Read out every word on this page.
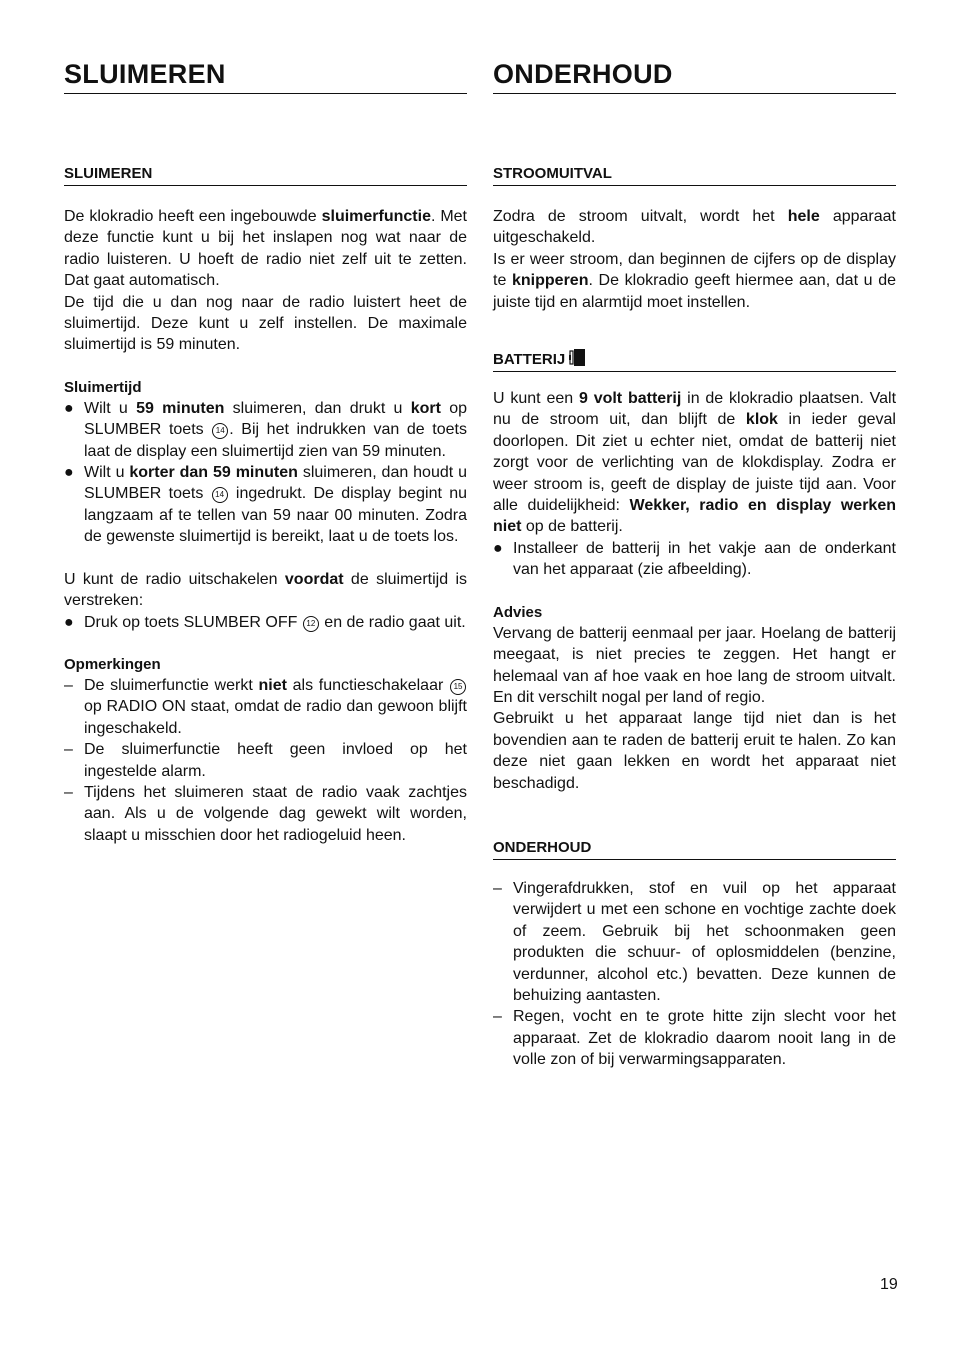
SLUIMEREN
SLUIMEREN

De klokradio heeft een ingebouwde sluimerfunctie. Met deze functie kunt u bij het inslapen nog wat naar de radio luisteren. U hoeft de radio niet zelf uit te zetten. Dat gaat automatisch.

De tijd die u dan nog naar de radio luistert heet de sluimertijd. Deze kunt u zelf instellen. De maximale sluimertijd is 59 minuten.

Sluimertijd

● Wilt u 59 minuten sluimeren, dan drukt u kort op SLUMBER toets 14 . Bij het indrukken van de toets laat de display een sluimertijd zien van 59 minuten.

● Wilt u korter dan 59 minuten sluimeren, dan houdt u SLUMBER toets 14 ingedrukt. De display begint nu langzaam af te tellen van 59 naar 00 minuten. Zodra de gewenste sluimertijd is bereikt, laat u de toets los.

U kunt de radio uitschakelen voordat de sluimertijd is verstreken:

● Druk op toets SLUMBER OFF 12 en de radio gaat uit.

Opmerkingen
– De sluimerfunctie werkt niet als functieschakelaar 15 op RADIO ON staat, omdat de radio dan gewoon blijft ingeschakeld.
– De sluimerfunctie heeft geen invloed op het ingestelde alarm.
– Tijdens het sluimeren staat de radio vaak zachtjes aan. Als u de volgende dag gewekt wilt worden, slaapt u misschien door het radiogeluid heen.
ONDERHOUD
STROOMUITVAL

Zodra de stroom uitvalt, wordt het hele apparaat uitgeschakeld.

Is er weer stroom, dan beginnen de cijfers op de display te knipperen. De klokradio geeft hiermee aan, dat u de juiste tijd en alarmtijd moet instellen.

BATTERIJ

U kunt een 9 volt batterij in de klokradio plaatsen. Valt nu de stroom uit, dan blijft de klok in ieder geval doorlopen. Dit ziet u echter niet, omdat de batterij niet zorgt voor de verlichting van de klokdisplay. Zodra er weer stroom is, geeft de display de juiste tijd aan. Voor alle duidelijkheid: Wekker, radio en display werken niet op de batterij.

● Installeer de batterij in het vakje aan de onderkant van het apparaat (zie afbeelding).

Advies

Vervang de batterij eenmaal per jaar. Hoelang de batterij meegaat, is niet precies te zeggen. Het hangt er helemaal van af hoe vaak en hoe lang de stroom uitvalt. En dit verschilt nogal per land of regio.

Gebruikt u het apparaat lange tijd niet dan is het bovendien aan te raden de batterij eruit te halen. Zo kan deze niet gaan lekken en wordt het apparaat niet beschadigd.

ONDERHOUD
– Vingerafdrukken, stof en vuil op het apparaat verwijdert u met een schone en vochtige zachte doek of zeem. Gebruik bij het schoonmaken geen produkten die schuur- of oplosmiddelen (benzine, verdunner, alcohol etc.) bevatten. Deze kunnen de behuizing aantasten.
– Regen, vocht en te grote hitte zijn slecht voor het apparaat. Zet de klokradio daarom nooit lang in de volle zon of bij verwarmingsapparaten.
19
